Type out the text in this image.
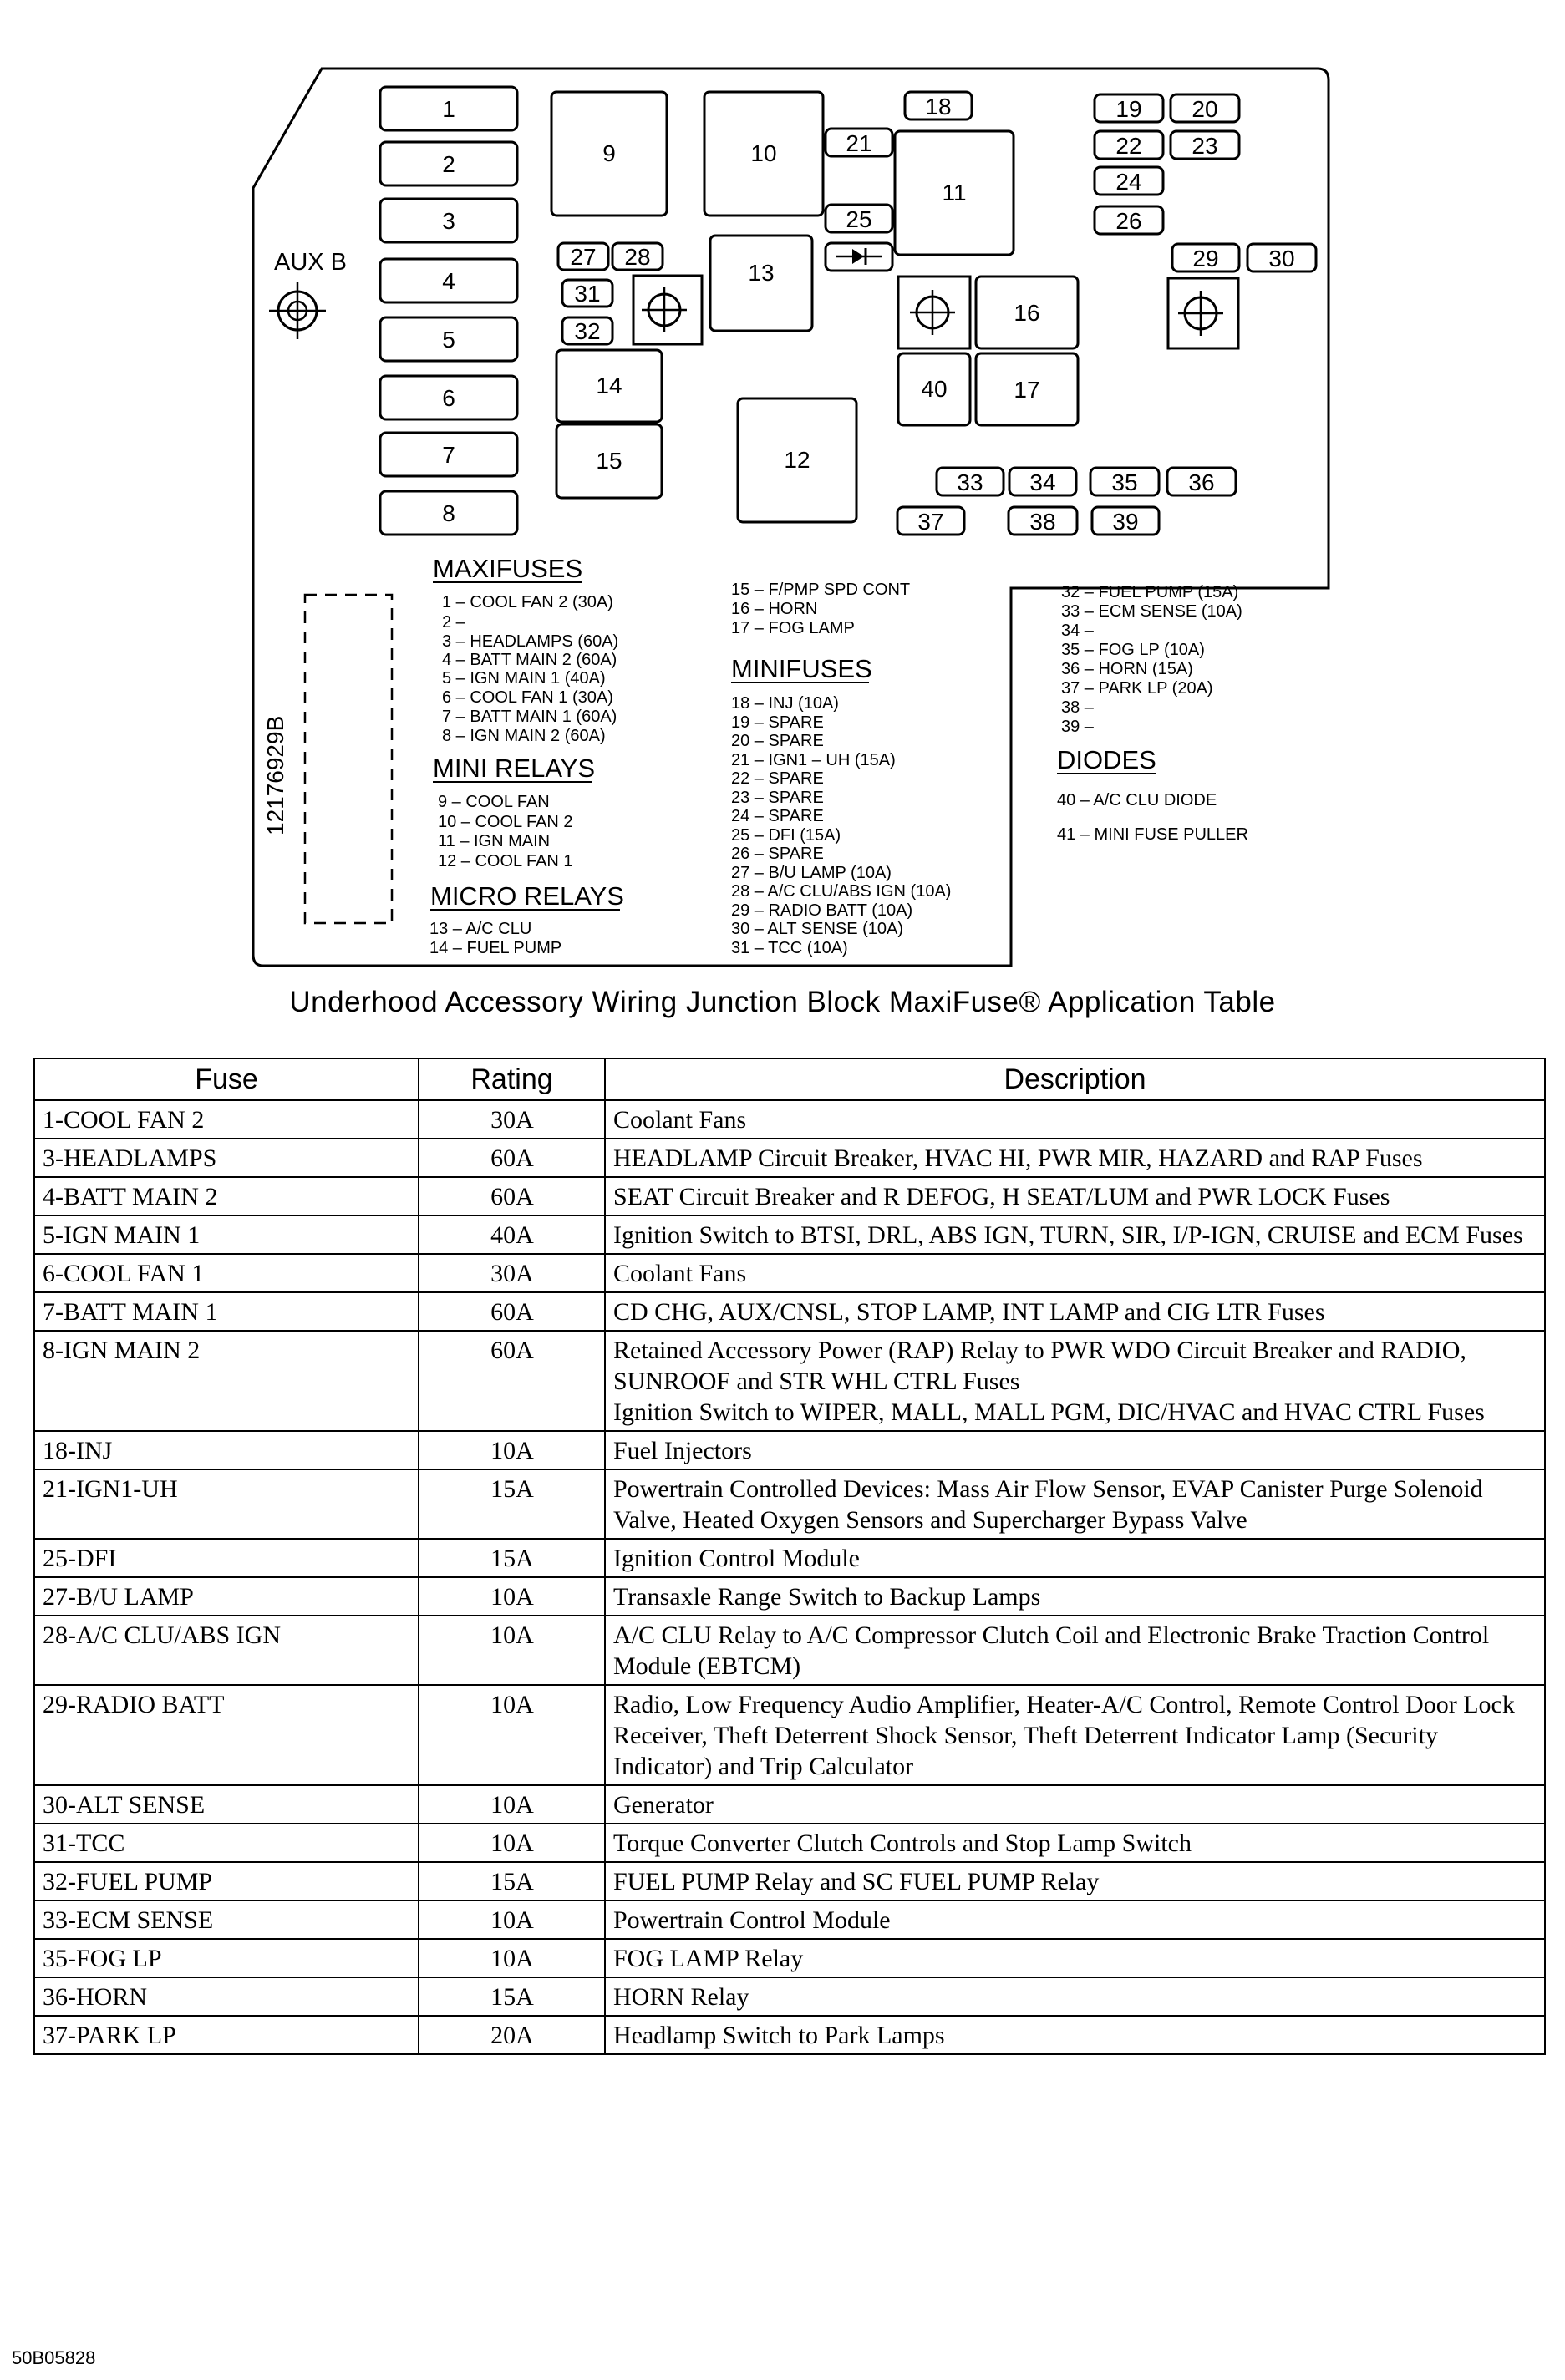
AUX B
12176929B
1
2
3
4
5
6
7
8
9	10
11
13
18
21
25
27 28
31
32
14
15	12
40
16
17
19 20
22 23
24
26
29 30
33 34 35 36
37	38 39
MAXIFUSES
1 – COOL FAN 2 (30A)
2 –
3 – HEADLAMPS (60A)
4 – BATT MAIN 2 (60A)
5 – IGN MAIN 1 (40A)
6 – COOL FAN 1 (30A)
7 – BATT MAIN 1 (60A)
8 – IGN MAIN 2 (60A)
MINI RELAYS
9 – COOL FAN
10 – COOL FAN 2
11 – IGN MAIN
12 – COOL FAN 1
MICRO RELAYS
13 – A/C CLU
14 – FUEL PUMP
15 – F/PMP SPD CONT
16 – HORN
17 – FOG LAMP
MINIFUSES
18 – INJ (10A)
19 – SPARE
20 – SPARE
21 – IGN1 – UH (15A)
22 – SPARE
23 – SPARE
24 – SPARE
25 – DFI (15A)
26 – SPARE
27 – B/U LAMP (10A)
28 – A/C CLU/ABS IGN (10A)
29 – RADIO BATT (10A)
30 – ALT SENSE (10A)
31 – TCC (10A)
32 – FUEL PUMP (15A)
33 – ECM SENSE (10A)
34 –
35 – FOG LP (10A)
36 – HORN (15A)
37 – PARK LP (20A)
38 –
39 –
DIODES
40 – A/C CLU DIODE
41 – MINI FUSE PULLER
Underhood Accessory Wiring Junction Block MaxiFuse® Application Table
Fuse	Rating	Description
1-COOL FAN 2	30A	Coolant Fans
3-HEADLAMPS	60A	HEADLAMP Circuit Breaker, HVAC HI, PWR MIR, HAZARD and RAP Fuses
4-BATT MAIN 2	60A	SEAT Circuit Breaker and R DEFOG, H SEAT/LUM and PWR LOCK Fuses
5-IGN MAIN 1	40A	Ignition Switch to BTSI, DRL, ABS IGN, TURN, SIR, I/P-IGN, CRUISE and ECM Fuses
6-COOL FAN 1	30A	Coolant Fans
7-BATT MAIN 1	60A	CD CHG, AUX/CNSL, STOP LAMP, INT LAMP and CIG LTR Fuses
8-IGN MAIN 2	60A	Retained Accessory Power (RAP) Relay to PWR WDO Circuit Breaker and RADIO, SUNROOF and STR WHL CTRL Fuses
Ignition Switch to WIPER, MALL, MALL PGM, DIC/HVAC and HVAC CTRL Fuses

18-INJ	10A	Fuel Injectors
21-IGN1-UH	15A	Powertrain Controlled Devices: Mass Air Flow Sensor, EVAP Canister Purge Solenoid Valve, Heated Oxygen Sensors and Supercharger Bypass Valve
25-DFI	15A	Ignition Control Module
27-B/U LAMP	10A	Transaxle Range Switch to Backup Lamps
28-A/C CLU/ABS IGN	10A	A/C CLU Relay to A/C Compressor Clutch Coil and Electronic Brake Traction Control Module (EBTCM)
29-RADIO BATT	10A	Radio, Low Frequency Audio Amplifier, Heater-A/C Control, Remote Control Door Lock Receiver, Theft Deterrent Shock Sensor, Theft Deterrent Indicator Lamp (Security Indicator) and Trip Calculator
30-ALT SENSE	10A	Generator
31-TCC	10A	Torque Converter Clutch Controls and Stop Lamp Switch
32-FUEL PUMP	15A	FUEL PUMP Relay and SC FUEL PUMP Relay
33-ECM SENSE	10A	Powertrain Control Module
35-FOG LP	10A	FOG LAMP Relay
36-HORN	15A	HORN Relay
37-PARK LP	20A	Headlamp Switch to Park Lamps
50B05828
